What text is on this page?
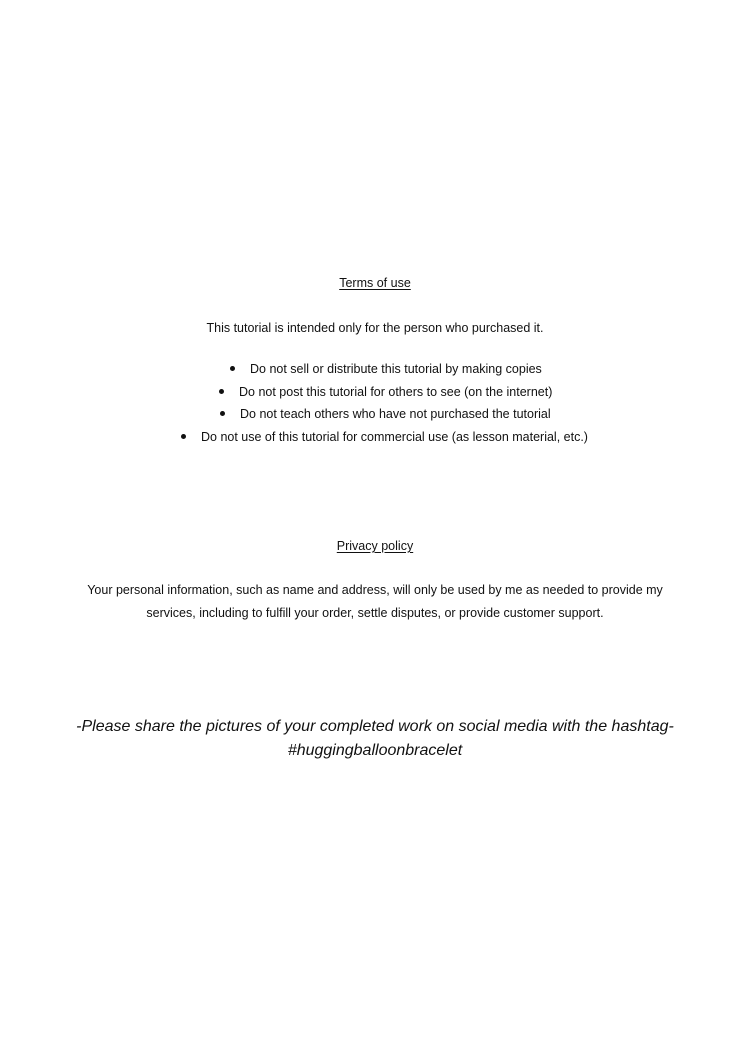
Terms of use
This tutorial is intended only for the person who purchased it.
Do not sell or distribute this tutorial by making copies
Do not post this tutorial for others to see (on the internet)
Do not teach others who have not purchased the tutorial
Do not use of this tutorial for commercial use (as lesson material, etc.)
Privacy policy
Your personal information, such as name and address, will only be used by me as needed to provide my
services, including to fulfill your order, settle disputes, or provide customer support.
-Please share the pictures of your completed work on social media with the hashtag-
#huggingballoonbracelet
